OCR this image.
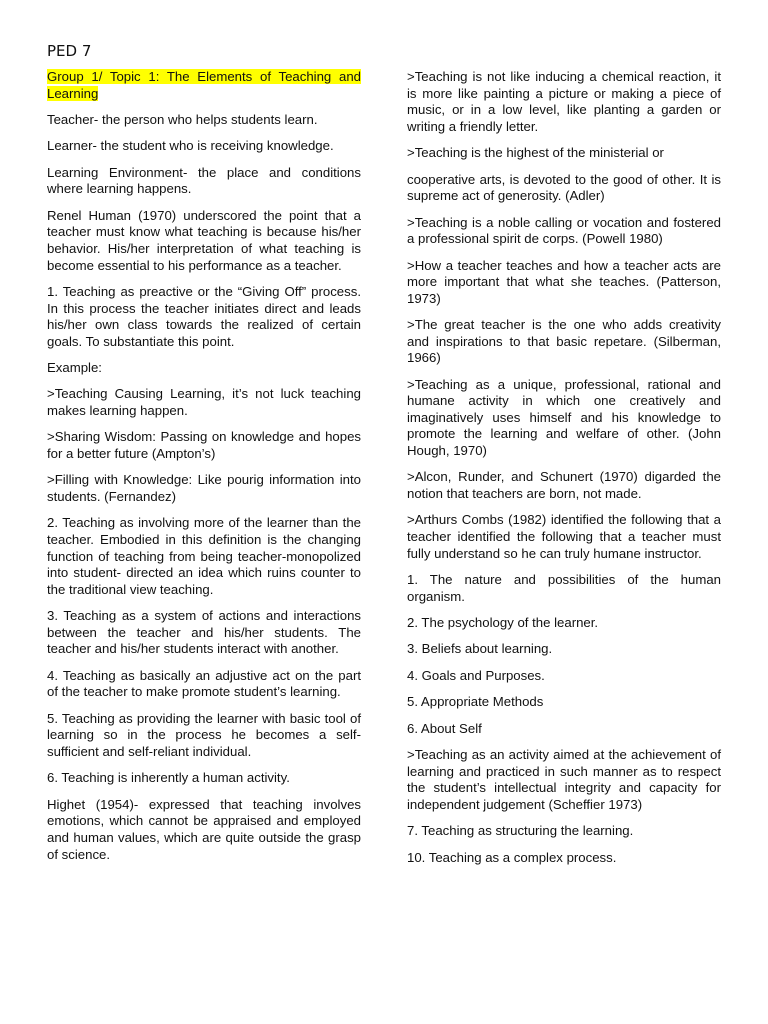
PED 7

Group 1/ Topic 1: The Elements of Teaching and Learning

Teacher- the person who helps students learn.

Learner- the student who is receiving knowledge.

Learning Environment- the place and conditions where learning happens.

Renel Human (1970) underscored the point that a teacher must know what teaching is because his/her behavior. His/her interpretation of what teaching is become essential to his performance as a teacher.

1. Teaching as preactive or the “Giving Off” process. In this process the teacher initiates direct and leads his/her own class towards the realized of certain goals. To substantiate this point.

Example:

>Teaching Causing Learning, it’s not luck teaching makes learning happen.

>Sharing Wisdom: Passing on knowledge and hopes for a better future (Ampton’s)

>Filling with Knowledge: Like pourig information into students. (Fernandez)

2. Teaching as involving more of the learner than the teacher. Embodied in this definition is the changing function of teaching from being teacher-monopolized into student- directed an idea which ruins counter to the traditional view teaching.

3. Teaching as a system of actions and interactions between the teacher and his/her students. The teacher and his/her students interact with another.

4. Teaching as basically an adjustive act on the part of the teacher to make promote student’s learning.

5. Teaching as providing the learner with basic tool of learning so in the process he becomes a self-sufficient and self-reliant individual.

6. Teaching is inherently a human activity.

Highet (1954)- expressed that teaching involves emotions, which cannot be appraised and employed and human values, which are quite outside the grasp of science.

>Teaching is not like inducing a chemical reaction, it is more like painting a picture or making a piece of music, or in a low level, like planting a garden or writing a friendly letter.

>Teaching is the highest of the ministerial or

cooperative arts, is devoted to the good of other. It is supreme act of generosity. (Adler)

>Teaching is a noble calling or vocation and fostered a professional spirit de corps. (Powell 1980)

>How a teacher teaches and how a teacher acts are more important that what she teaches. (Patterson, 1973)

>The great teacher is the one who adds creativity and inspirations to that basic repetare. (Silberman, 1966)

>Teaching as a unique, professional, rational and humane activity in which one creatively and imaginatively uses himself and his knowledge to promote the learning and welfare of other. (John Hough, 1970)

>Alcon, Runder, and Schunert (1970) digarded the notion that teachers are born, not made.

>Arthurs Combs (1982) identified the following that a teacher identified the following that a teacher must fully understand so he can truly humane instructor.

1. The nature and possibilities of the human organism.

2. The psychology of the learner.

3. Beliefs about learning.

4. Goals and Purposes.

5. Appropriate Methods

6. About Self

>Teaching as an activity aimed at the achievement of learning and practiced in such manner as to respect the student’s intellectual integrity and capacity for independent judgement (Scheffier 1973)

7. Teaching as structuring the learning.

10. Teaching as a complex process.
